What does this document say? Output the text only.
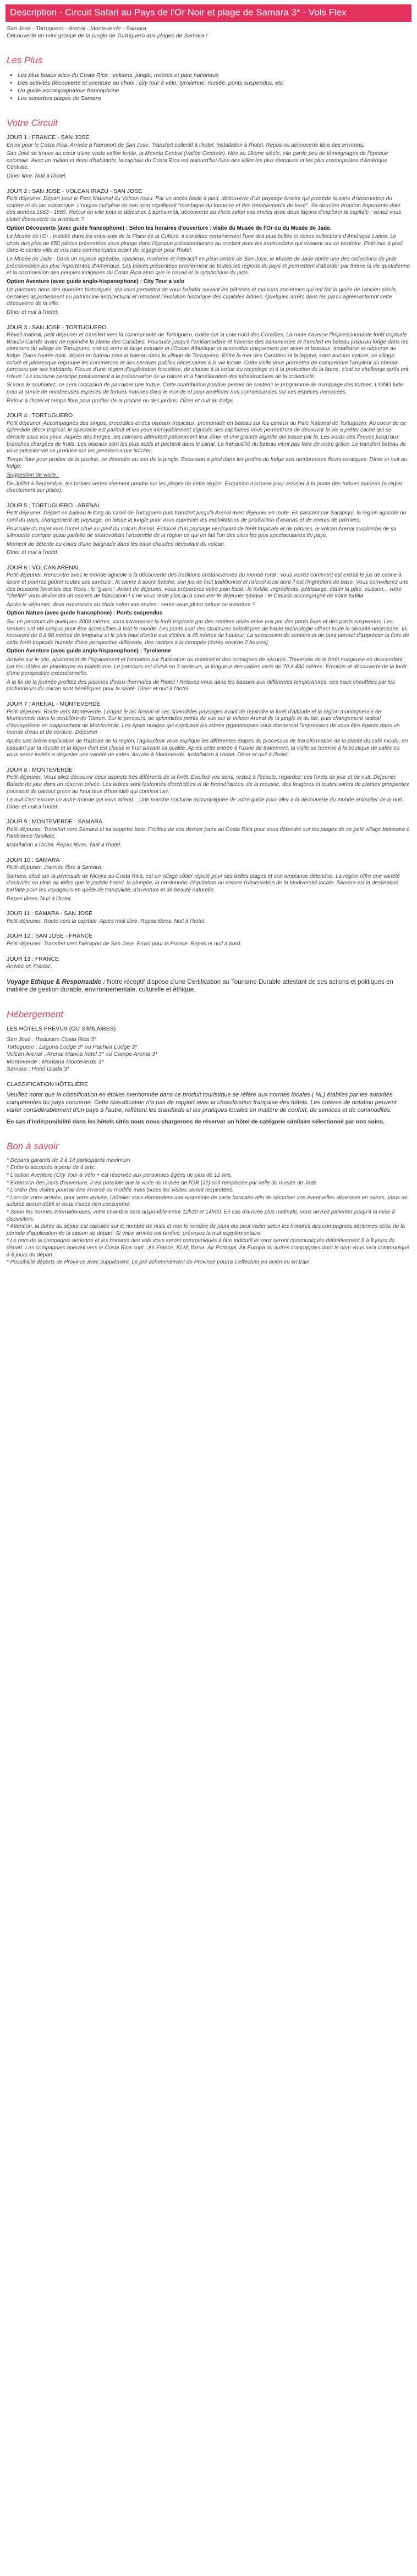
Description - Circuit Safari au Pays de l'Or Noir et plage de Samara 3* - Vols Flex
San José - Tortuguero - Arenal - Monteverde - Samara
Découverte en mini-groupe de la jungle de Tortuguero aux plages de Samara !
Les Plus
• Les plus beaux sites du Costa Rica : volcans, jungle, rivières et parc nationaux
• Des activités découverte et aventure au choix : city tour à vélo, tyrolienne, musée, ponts suspendus, etc.
• Un guide accompagnateur francophone
• Les superbes plages de Samara
Votre Circuit
JOUR 1 : FRANCE - SAN JOSE

Envol pour le Costa Rica. Arrivée à l'aéroport de San Jose. Transfert collectif à l'hotel. Installation à l'hotel. Repos ou découverte libre des environs.

San José se trouve au cœur d'une vaste vallée fertile, la Meseta Central (Vallée Centrale). Née au 18ème siècle, elle garde peu de témoignages de l'époque coloniale. Avec un million et demi d'habitants, la capitale du Costa Rica est aujourd'hui l'une des villes les plus étendues et les plus cosmopolites d'Amérique Centrale.

Dîner libre. Nuit à l'hotel.

JOUR 2 : SAN JOSE - VOLCAN IRAZU - SAN JOSE

Petit déjeuner. Départ pour le Parc National du Volcan Irazu. Par un accès facile à pied, découverte d'un paysage lunaire qui procède la zone d'observation du cratère et du lac volcanique. L'origine indigène de son nom signifierait "montagne du tonnerre et des tremblements de terre". Sa dernière éruption importante date des années 1963 - 1965. Retour en ville pour le déjeuner. L'après-midi, découverte au choix selon vos envies avec deux façons d'explorer la capitale : venez vous plutot découverte ou aventure ?

Option Découverte (avec guide francophone) : Selon les horaires d'ouverture : visite du Musée de l'Or ou du Musée de Jade.

Le Musée de l'Or : Installé dans les sous-sols de la Place de la Culture, il constitue certainement l'une des plus belles et riches collections d'Amérique Latine. Le choix des plus de 650 pièces présentées vous plonge dans l'époque précolombienne au contact avec les amérindiens qui vivaient sur ce territoire. Petit tour à pied dans le centre-ville et vos rues commerciales avant de regagner pour l'hotel.

Le Musée de Jade : Dans un espace agréable, spacieux, moderne et interactif en plein centre de San Jose, le Musée de Jade abrite une des collections de jade précolombien les plus importantes d'Amérique. Les pièces présentées proviennent de toutes les régions du pays et permettent d'aborder par thème la vie quotidienne et la cosmovision des peuples indigènes du Costa Rica ainsi que le travail et la symbolique du jade.

Option Aventure (avec guide anglo-hispanophone) : City Tour a velo

Un parcours dans des quartiers historiques, qui vous permettra de vous balader suivant les bâtisses et maisons anciennes qui ont fait la gloire de l'ancien siècle, certaines appartiennent au patrimoine architectural et retracent l'évolution historique des capitales latines. Quelques arrêts dans les parcs agrémenteront cette découverte de la ville.

Dîner et nuit à l'hotel.

JOUR 3 : SAN JOSE - TORTUGUERO

Réveil matinal, petit déjeuner et transfert vers la communauté de Tortuguero, isolée sur la cote nord des Caraïbes. La route traverse l'impressionnante forêt tropicale Braulio Carrillo avant de rejoindre la plaine des Caraïbes. Poursuite jusqu'à l'embarcadère et traverse des bananeraies et transfert en bateau jusqu'au lodge dans les alentours du village de Tortuguero, coincé entre la large estuaire et l'Océan Atlantique et accessible uniquement par avion et bateaux. Installation et déjeuner au lodge. Dans l'après-midi, départ en bateau pour la bateau dans le village de Tortuguero. Entre la mer des Caraïbes et la lagune, sans aucune voiture, ce village coloré et pittoresque regroupe les commerces et des services publics nécessaires à la vie locale. Cette visite vous permettra de comprendre l'ampleur du chemin parcouru par ses habitants. Fleuve d'une région d'exploitation forestière, de chasse à la tortue au recyclage et à la protection de la faune, c'est ce challenge qu'ils ont relevé ! Le tourisme participe positivement à la préservation de la nature et à l'amélioration des infrastructures de la collectivité.

Si vous le souhaitez, ce sera l'occasion de parrainer une tortue. Cette contribution positive permet de soutenir le programme de marquage des tortues: L'ONG lutte pour la survie de nombreuses espèces de tortues marines dans le monde et pour améliorer nos connaissances sur ces espèces menacées.

Retour à l'hotel et temps libre pour profiter de la piscine ou des jardins. Dîner et nuit au lodge.

JOUR 4 : TORTUGUERO

Petit déjeuner. Accompagnés des singes, crocodiles et des oiseaux tropicaux, promenade en bateau sur les canaux du Parc National de Tortuguero. Au coeur de ce splendide décor tropical, le spectacle est partout et les yeux incroyablement aiguisés des capitaines vous permettront de découvrir la vie a prêter caché qui se déroule sous vos yeux. Auprès des berges, les caimans attendent patiemment leur dîner et une grande aigrette qui passe par la. Les bords des fleuves jusqu'aux branches chargées de fruits. Les oiseaux sont les plus actifs et pechent dans le canal. La tranquillité du bateau vient pas faire de notre grâce. Le transfert bateau de vous puissiez vie se produire sur les premiers a rire tirlicker.

Temps libre pour profiter de la piscine, se détendre au son de la jungle. Excursion a pied dans les jardins du lodge aux nombreuses fleurs exotiques. Dîner et nuit au lodge.

Suggestion de visite :

De Juillet à Septembre, les tortues vertes viennent pondre sur les plages de cette région. Excursion nocturne pour assister à la ponte des tortues marines (a régler directement sur place).

JOUR 5 : TORTUGUERO - ARENAL

Petit déjeuner. Départ en bateau le long du canal de Tortuguero puis transfert jusqu'à Arenal avec déjeuner en route. En passant par Sarapiqui, la région agricole du nord du pays, changement de paysage, on laisse la jungle pour vous apprécier les exploitations de production d'ananas et de coeurs de palmiers.

Poursuite du trajet vers l'hotel situé au pied du volcan Arenal. Entouré d'un paysage verdoyant de forêt tropicale et de pâtures, le volcan Arenal surplombe de sa silhouette conique quasi parfaite de stratovolcan l'ensemble de la région ce qui en fait l'un des sites les plus spectaculaires du pays.

Moment de détente au cours d'une baignade dans les eaux chaudes découlant du volcan.

Dîner et nuit à l'hotel.

JOUR 6 : VOLCAN ARENAL

Petit-déjeuner. Rencontre avec le monde agricole a la découverte des traditions costariciennes du monde rural : vous verrez comment est extrait le jus de canne à sucre et pourrez goûter toutes ses saveurs : la canne à sucre fraîche, son jus de fruit traditionnel et l'alcool local dont il est l'ingrédient de base. Vous convoiterez une des boissons favorites des Ticos : le "guaro". Avant de déjeuner, vous préparerez votre pain local : la tortilla. Ingrédients, pétrissage, étaler la pâte, cuisson... votre "chefité" vous deviendra un secrets de fabrication ! Il ne vous reste plus qu'à savourer le déjeuner typique : le Casado accompagné de votre tortilla.

Après le déjeuner, deux excursions au choix selon vos envies : serez-vous plutot nature ou aventure ?

Option Nature (avec guide francophone) : Ponts suspendus

Sur un parcours de quelques 3000 mètres, vous traverserez la forêt tropicale par des sentiers reliés entre eux par des ponts fixes et des ponts suspendus. Les sentiers ont été conçus pour être accessibles à tout le monde. Les ponts sont des structures métalliques de haute technologie offrant toute la sécurité nécessaire. Ils mesurent de 8 à 98 mètres de longueur et le plus haut d'entre eux s'élève à 45 mètres de hauteur. La succession de sentiers et de pont permet d'apprécier la flore de cette forêt tropicale humide d'une perspective différente, des racines a la canopée (durée environ 2 heures).

Option Aventure (avec guide anglo-hispanophone) : Tyrolienne

Arrivée sur le site, ajustement de l'équipement et formation sur l'utilisation du matériel et des consignes de sécurité. Traversée de la forêt nuageuse en descendant par les câbles de plateforme en plateforme. Le parcours est divisé en 3 secteurs, la longueur des cables varie de 70 à 430 mètres. Émotion et découverte de la forêt d'une perspective exceptionnelle.

À la fin de la journée profitez des piscines d'eaux thermales de l'hotel ! Relaxez-vous dans les bassins aux différentes températures, ces eaux chauffées par les profondeurs du volcan sont bénéfiques pour la santé. Dîner et nuit à l'hotel.

JOUR 7 : ARENAL - MONTEVERDE

Petit-déjeuner. Route vers Monteverde. Longez le lac Arenal et ses splendides paysages avant de rejoindre la forêt d'altitude et la région montagneuse de Monteverde dans la cordillère de Tilaran. Sur le parcours, de splendides points de vue sur le volcan Arenal de la jungle et du lac, puis changement radical d'écosystème en s'approchant de Monteverde. Les épais nuages qui enjolivent les arbres gigantesques vous donneront l'impression de vous être égarés dans un monde d'eau et de verdure. Déjeuner.

Après une brève explication de l'histoire de la région, l'agriculteur vous explique les différentes étapes du processus de transformation de la plante du café moulu, en passant par la récolte et la façon dont est classé le fruit suivant sa qualité. Après cette entrée à l'usine de traitement, la visite se termine à la boutique de cafés où vous serez invités a déguster une variété de cafés. Arrivée à Monteverde. Installation à l'hotel. Dîner et nuit à l'hotel.

JOUR 8 : MONTEVERDE

Petit-déjeuner. Vous allez découvrir deux aspects très différents de la forêt. Éveillez vos sens, restez à l'écoute, regardez: ces forets de jour et de nuit. Déjeuner. Balade de jour dans un réserve privée. Les arbres sont festonnés d'orchidées et de broméliacées, de la mousse, des fougères et toutes sortes de plantes grimpantes poussent de partout grace au haut taux d'humidité qui contient l'air.

La nuit c'est encore un autre monde qui vous attend... Une marche nocturne accompagnée de votre guide pour aller a la découverte du monde animalier de la nuit. Dîner et nuit a l'hotel.

JOUR 9 : MONTEVERDE - SAMARA

Petit-déjeuner. Transfert vers Samara et sa superbe baie. Profitez de vos dernier jours au Costa Rica pour vous détendre sur les plages de ce petit village balnéaire à l'ambiance familiale.

Installation a l'hotel. Repas libres. Nuit a l'hotel.

JOUR 10 : SAMARA

Petit-déjeuner. Journée libre à Samara.

Samara, situé sur la péninsule de Nicoya au Costa Rica, est un village côtier réputé pour ses belles plages et son ambiance détendue. La région offre une variété d'activités en plein air telles que le paddle board, la plongée, la randonnée, l'équitation ou encore l'observation de la biodiversité locale. Samara est la destination parfaite pour les voyageurs en quête de tranquillité, d'aventure et de beauté naturelle.

Repas libres. Nuit à l'hotel.

JOUR 11 : SAMARA - SAN JOSE

Petit-déjeuner. Route vers la capitale. Après midi libre. Repas libres. Nuit à l'hotel.

JOUR 12 : SAN JOSE - FRANCE

Petit-déjeuner. Transfert vers l'aéroport de San Jose. Envol pour la France. Repas et nuit à bord.

JOUR 13 : FRANCE

Arrivée en France.

Voyage Ethique & Responsable : Notre réceptif dispose d'une Certification au Tourisme Durable attestant de ses actions et politiques en matière de gestion durable, environnementale, culturelle et éthique.
Hébergement
LES HÔTELS PRÉVUS (OU SIMILAIRES)
San José : Radisson Costa Rica 5*
Tortuguero : Laguna Lodge 3* ou Pachira Lodge 3*
Volcan Arenal : Arenal Manoa hotel 3* ou Campo Arenal 3*
Monteverde : Montana Monteverde 3*
Samara : Hotel Giada 3*
CLASSIFICATION HÔTELIÈRE
Veuillez noter que la classification en étoiles mentionnée dans ce produit touristique se réfère aux normes locales ( NL) établies par les autorités compétentes du pays concerné. Cette classification n'a pas de rapport avec la classification française des hôtels. Les critères de notation peuvent varier considérablement d'un pays à l'autre, reflétant les standards et les pratiques locales en matière de confort, de services et de commodités.
En cas d'indisponibilité dans les hôtels cités nous nous chargerons de réserver un hôtel de catégorie similaire sélectionné par nos soins.
Bon à savoir
* Départs garantis de 2 à 14 participants maximum
* Enfants acceptés à partir de 4 ans.
* L'option Aventure (City Tour à Vélo + est réservée aux personnes âgées de plus de 12 ans.
* Extension des jours d'ouverture, il est possible que la visite du musée de l'OR (J2) soit remplacée par celle du musée de Jade
* L'ordre des visites pourrait être inversé ou modifié mais toutes les visites seront respectées.
* Lors de votre arrivée, pour votre arrivée, l'hôtelier vous demandera une empreinte de carte bancaire afin de sécuriser vos éventuelles dépenses en extras. Vous ne subirez aucun débit si vous n'avez rien consommé.
* Selon les normes internationales, votre chambre sera disponible entre 12h30 et 14h00. En cas d'arrivée plus matinale, vous devrez patienter jusqu'à la mise à disposition.
* Attention, la durée du séjour est calculée sur le nombre de nuits et non le nombre de jours qui peut varier selon les horaires des compagnies aériennes et/ou de la période d'application de la saison de départ. Si votre arrivée est tardive, prévoyez la nuit supplémentaire.
* Le nom de la compagnie aérienne et les horaires des vols vous seront communiqués à titre indicatif et vous seront communiqués définitivement 6 à 8 jours du départ. Les compagnies opérant vers le Costa Rica sont : Air France, KLM, Iberia, Air Portugal, Air Europa ou autres compagnies dont le nom vous sera communiqué à 8 jours du départ.
* Possibilité départs de Province avec supplément. Le pré acheminement de Province pourra s'effectuer en avion ou en train.
